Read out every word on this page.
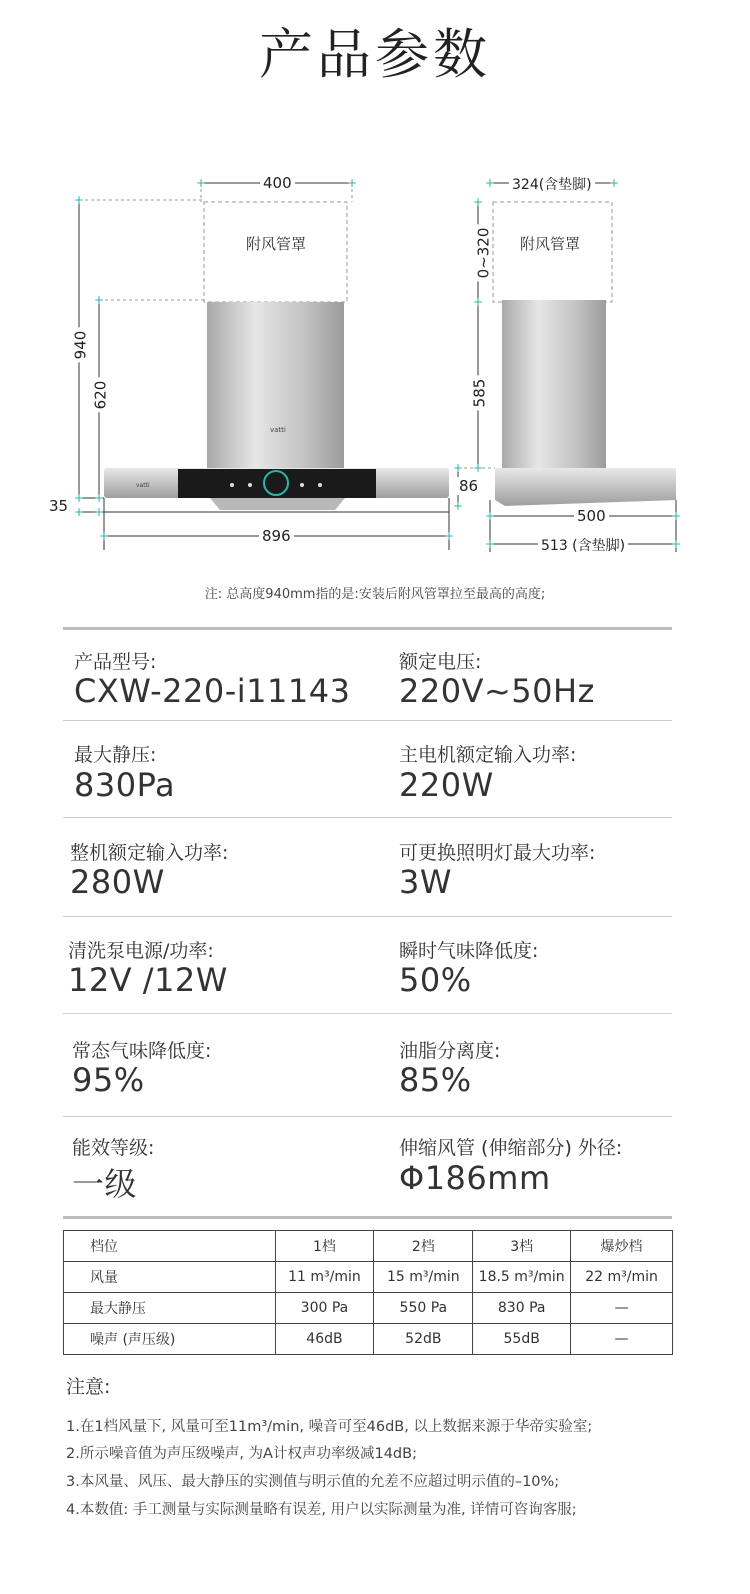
产品参数
vatti
vatti
+	+
+
+
+
+
+
+
+	+
+	+
+
+
+
+
+
+	+
+	+
400
附风管罩
940
620
35
896
324(含垫脚)
附风管罩
0~320
585
86
500
513 (含垫脚)
注: 总高度940mm指的是:安装后附风管罩拉至最高的高度;
产品型号:
CXW-220-i11143
额定电压:
220V~50Hz
最大静压:
830Pa
主电机额定输入功率:
220W
整机额定输入功率:
280W
可更换照明灯最大功率:
3W
清洗泵电源/功率:
12V /12W
瞬时气味降低度:
50%
常态气味降低度:
95%
油脂分离度:
85%
能效等级:
一级
伸缩风管 (伸缩部分) 外径:
Φ186mm
档位	1档	2档	3档	爆炒档
风量	11 m³/min	15 m³/min	18.5 m³/min	22 m³/min
最大静压	300 Pa	550 Pa	830 Pa	—
噪声 (声压级)	46dB	52dB	55dB	—
注意:
1.在1档风量下, 风量可至11m³/min, 噪音可至46dB, 以上数据来源于华帝实验室;
2.所示噪音值为声压级噪声, 为A计权声功率级减14dB;
3.本风量、风压、最大静压的实测值与明示值的允差不应超过明示值的–10%;
4.本数值: 手工测量与实际测量略有误差, 用户以实际测量为准, 详情可咨询客服;
